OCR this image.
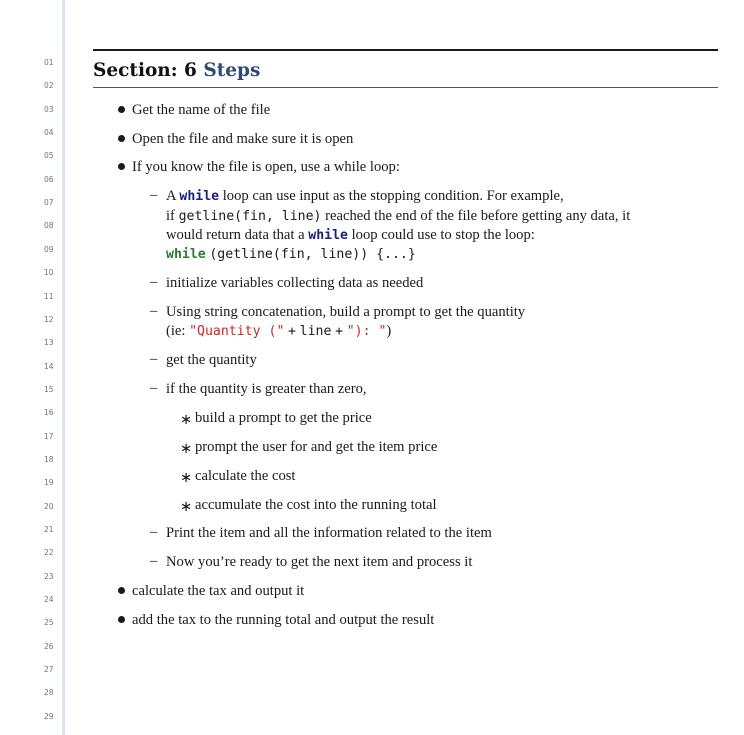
01
02
03
04
05
06
07
08
09
10
11
12
13
14
15
16
17
18
19
20
21
22
23
24
25
26
27
28
29
Section: 6 Steps
Get the name of the file
Open the file and make sure it is open
If you know the file is open, use a while loop:
– A while loop can use input as the stopping condition. For example,
if getline(fin, line) reached the end of the file before getting any data, it
would return data that a while loop could use to stop the loop:
while (getline(fin, line)) {...}
– initialize variables collecting data as needed
– Using string concatenation, build a prompt to get the quantity
(ie: "Quantity (" + line + "): ")
– get the quantity
– if the quantity is greater than zero,
∗ build a prompt to get the price
∗ prompt the user for and get the item price
∗ calculate the cost
∗ accumulate the cost into the running total
– Print the item and all the information related to the item
– Now you’re ready to get the next item and process it
calculate the tax and output it
add the tax to the running total and output the result
